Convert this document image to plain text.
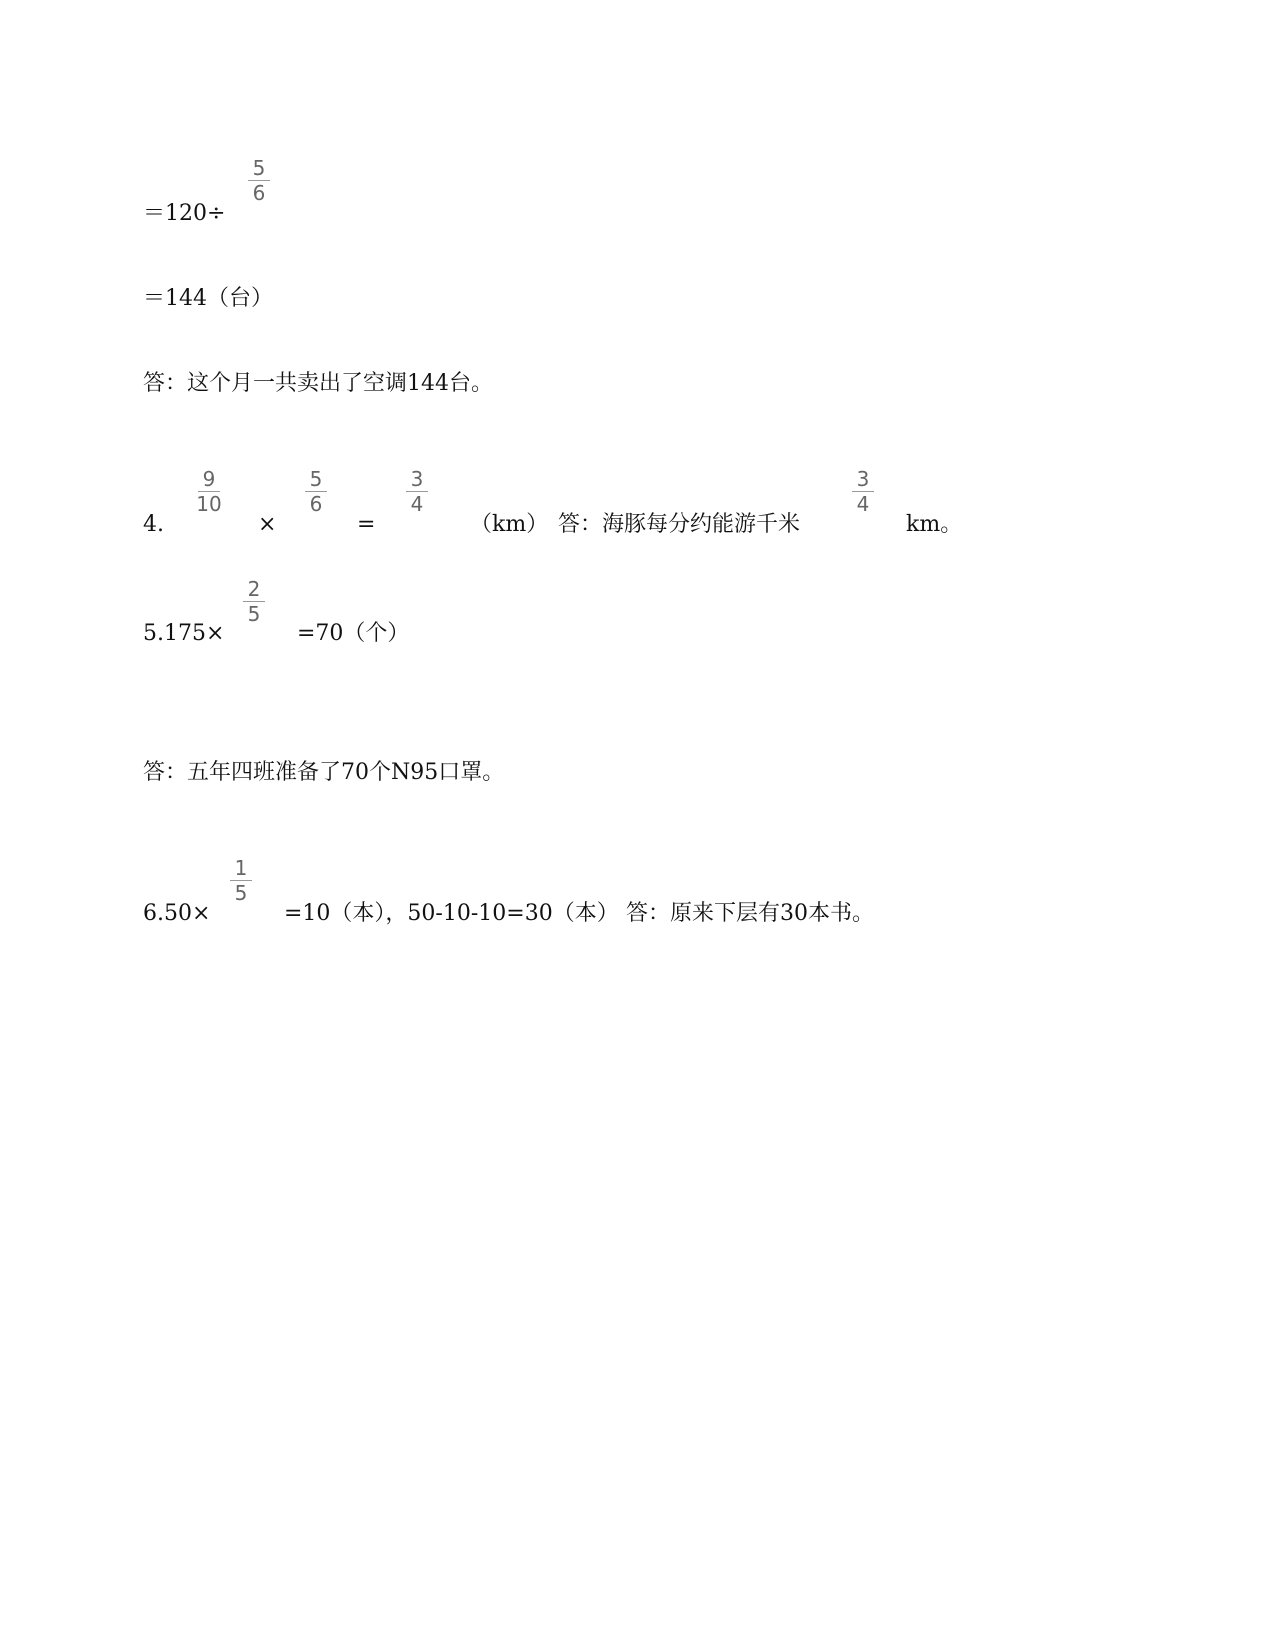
＝120÷
5
6
＝144（台）
答：这个月一共卖出了空调144台。
4.
9
10
×
5
6
=
3
4
（km） 答：海豚每分约能游千米
3
4
km。
5.175×
2
5
=70（个）
答：五年四班准备了70个N95口罩。
6.50×
1
5
=10（本），50-10-10=30（本） 答：原来下层有30本书。
